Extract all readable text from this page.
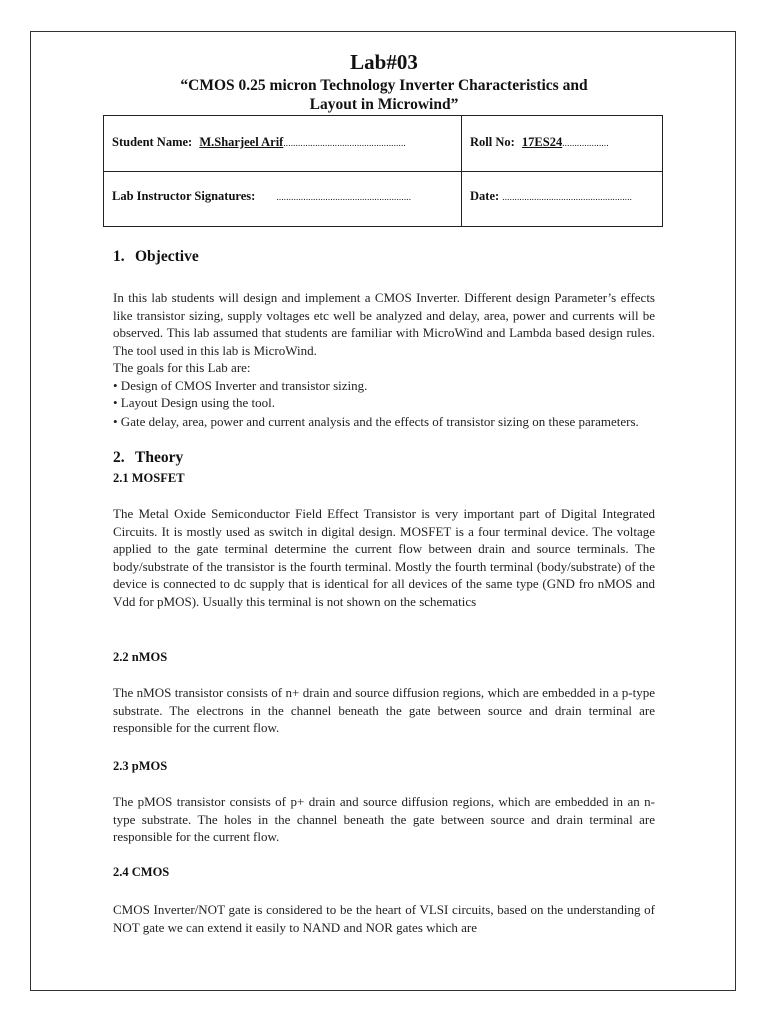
Lab#03
“CMOS 0.25 micron Technology Inverter Characteristics and
Layout in Microwind”
Student Name: M.Sharjeel Arif..................................................	Roll No: 17ES24...................
Lab Instructor Signatures: .......................................................	Date: .....................................................
1. Objective
In this lab students will design and implement a CMOS Inverter. Different design Parameter’s effects like transistor sizing, supply voltages etc well be analyzed and delay, area, power and currents will be observed. This lab assumed that students are familiar with MicroWind and Lambda based design rules. The tool used in this lab is MicroWind.
The goals for this Lab are:
• Design of CMOS Inverter and transistor sizing.
• Layout Design using the tool.
• Gate delay, area, power and current analysis and the effects of transistor sizing on these parameters.
2. Theory
2.1 MOSFET
The Metal Oxide Semiconductor Field Effect Transistor is very important part of Digital Integrated Circuits. It is mostly used as switch in digital design. MOSFET is a four terminal device. The voltage applied to the gate terminal determine the current flow between drain and source terminals. The body/substrate of the transistor is the fourth terminal. Mostly the fourth terminal (body/substrate) of the device is connected to dc supply that is identical for all devices of the same type (GND fro nMOS and Vdd for pMOS). Usually this terminal is not shown on the schematics
2.2 nMOS
The nMOS transistor consists of n+ drain and source diffusion regions, which are embedded in a p-type substrate. The electrons in the channel beneath the gate between source and drain terminal are responsible for the current flow.
2.3 pMOS
The pMOS transistor consists of p+ drain and source diffusion regions, which are embedded in an n-type substrate. The holes in the channel beneath the gate between source and drain terminal are responsible for the current flow.
2.4 CMOS
CMOS Inverter/NOT gate is considered to be the heart of VLSI circuits, based on the understanding of NOT gate we can extend it easily to NAND and NOR gates which are
